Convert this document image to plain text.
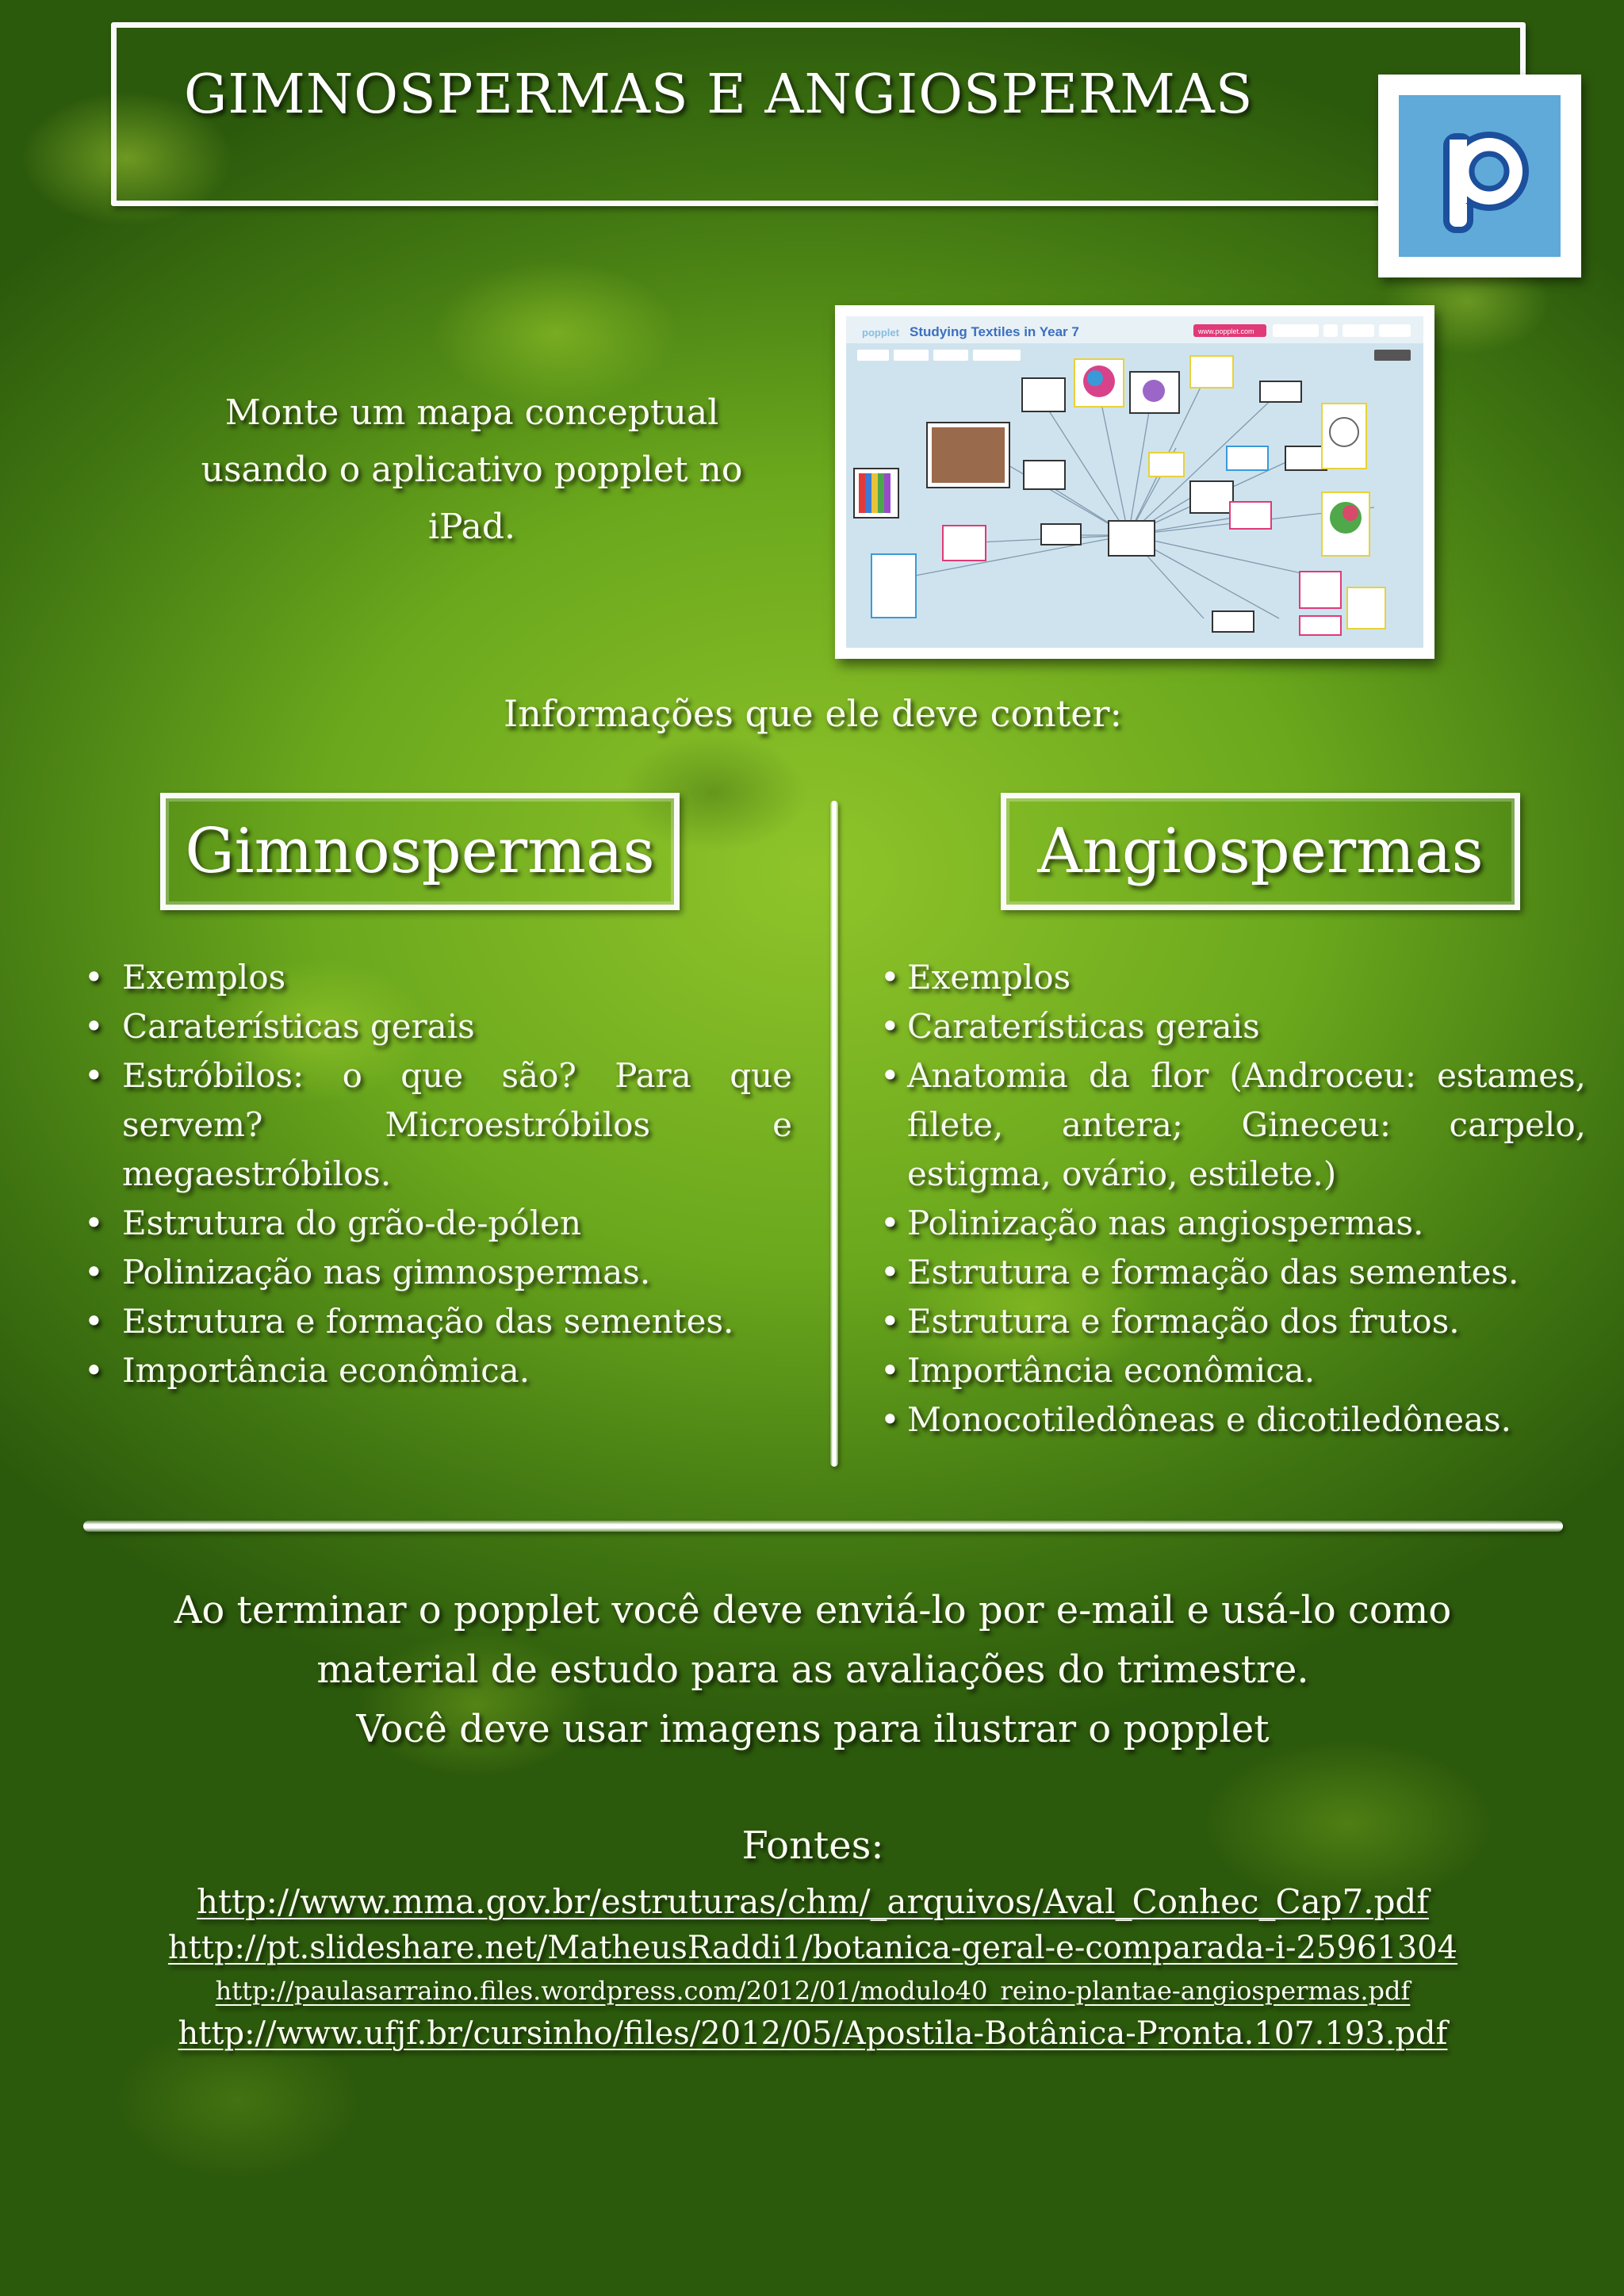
GIMNOSPERMAS E ANGIOSPERMAS
Monte um mapa conceptual usando o aplicativo popplet no iPad.
popplet Studying Textiles in Year 7	www.popplet.com
Informações que ele deve conter:
Gimnospermas	Angiospermas
• Exemplos
• Caraterísticas gerais
• Estróbilos: o que são? Para que servem? Microestróbilos e megaestróbilos.
• Estrutura do grão-de-pólen
• Polinização nas gimnospermas.
• Estrutura e formação das sementes.
• Importância econômica.
• Exemplos
• Caraterísticas gerais
• Anatomia da flor (Androceu: estames, filete, antera; Gineceu: carpelo, estigma, ovário, estilete.)
• Polinização nas angiospermas.
• Estrutura e formação das sementes.
• Estrutura e formação dos frutos.
• Importância econômica.
• Monocotiledôneas e dicotiledôneas.

Ao terminar o popplet você deve enviá-lo por e-mail e usá-lo como material de estudo para as avaliações do trimestre.

Você deve usar imagens para ilustrar o popplet

Fontes:
http://www.mma.gov.br/estruturas/chm/_arquivos/Aval_Conhec_Cap7.pdf
http://pt.slideshare.net/MatheusRaddi1/botanica-geral-e-comparada-i-25961304
http://paulasarraino.files.wordpress.com/2012/01/modulo40_reino-plantae-angiospermas.pdf
http://www.ufjf.br/cursinho/files/2012/05/Apostila-Botânica-Pronta.107.193.pdf
